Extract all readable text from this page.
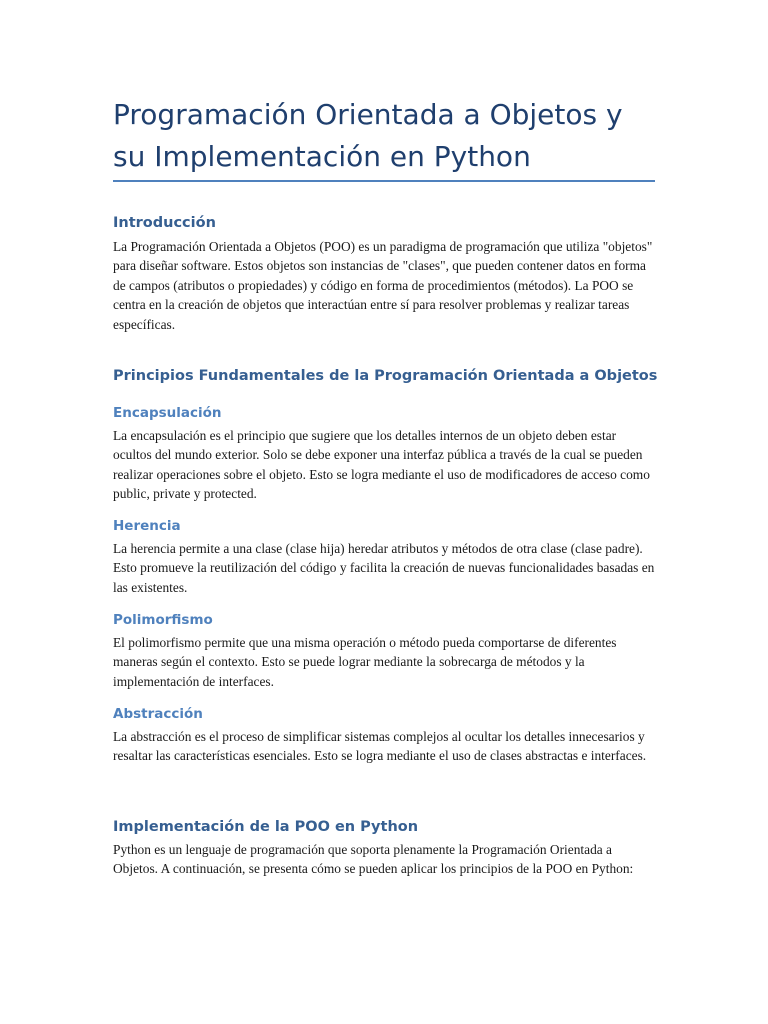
Programación Orientada a Objetos y su Implementación en Python
Introducción

La Programación Orientada a Objetos (POO) es un paradigma de programación que utiliza "objetos" para diseñar software. Estos objetos son instancias de "clases", que pueden contener datos en forma de campos (atributos o propiedades) y código en forma de procedimientos (métodos). La POO se centra en la creación de objetos que interactúan entre sí para resolver problemas y realizar tareas específicas.

Principios Fundamentales de la Programación Orientada a Objetos
Encapsulación

La encapsulación es el principio que sugiere que los detalles internos de un objeto deben estar ocultos del mundo exterior. Solo se debe exponer una interfaz pública a través de la cual se pueden realizar operaciones sobre el objeto. Esto se logra mediante el uso de modificadores de acceso como public, private y protected.

Herencia

La herencia permite a una clase (clase hija) heredar atributos y métodos de otra clase (clase padre). Esto promueve la reutilización del código y facilita la creación de nuevas funcionalidades basadas en las existentes.

Polimorfismo

El polimorfismo permite que una misma operación o método pueda comportarse de diferentes maneras según el contexto. Esto se puede lograr mediante la sobrecarga de métodos y la implementación de interfaces.

Abstracción

La abstracción es el proceso de simplificar sistemas complejos al ocultar los detalles innecesarios y resaltar las características esenciales. Esto se logra mediante el uso de clases abstractas e interfaces.

Implementación de la POO en Python

Python es un lenguaje de programación que soporta plenamente la Programación Orientada a Objetos. A continuación, se presenta cómo se pueden aplicar los principios de la POO en Python:
